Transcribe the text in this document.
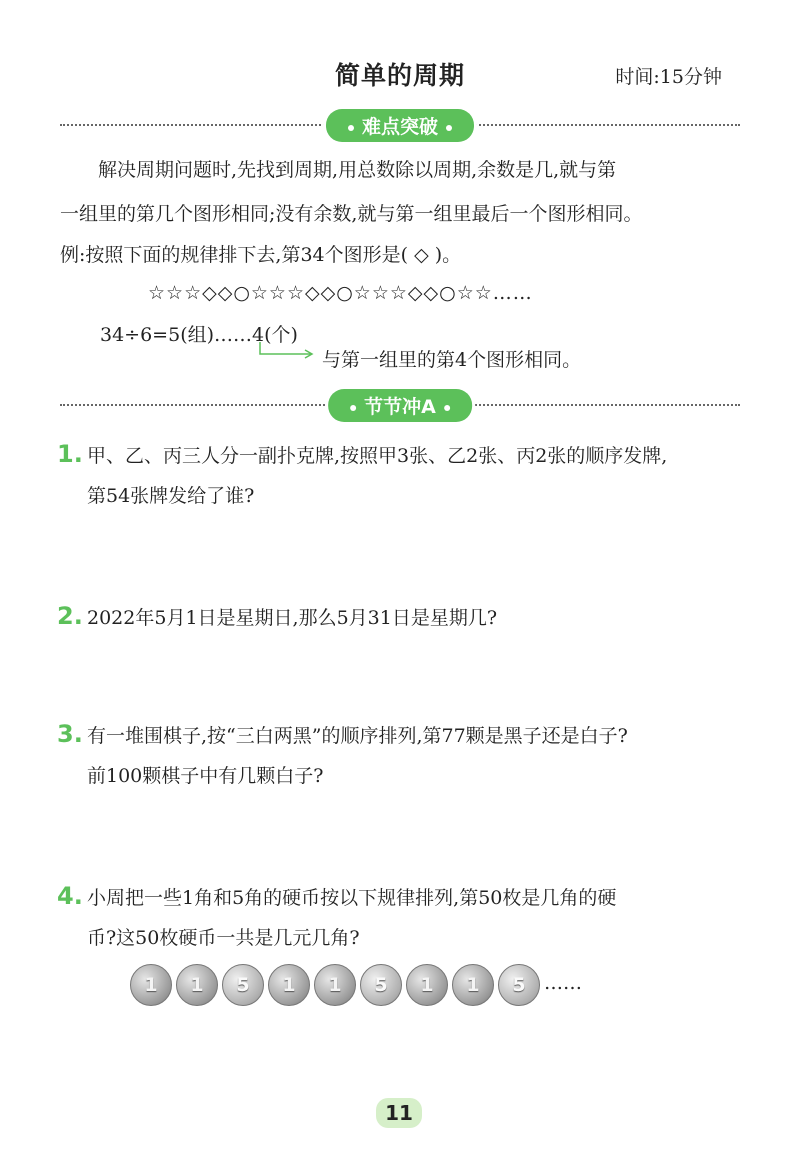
简单的周期	时间:15分钟
难点突破
解决周期问题时,先找到周期,用总数除以周期,余数是几,就与第
一组里的第几个图形相同;没有余数,就与第一组里最后一个图形相同。
例:按照下面的规律排下去,第34个图形是( ◇ )。
☆☆☆◇◇○☆☆☆◇◇○☆☆☆◇◇○☆☆……
34÷6=5(组)……4(个)
与第一组里的第4个图形相同。
节节冲A
1. 甲、乙、丙三人分一副扑克牌,按照甲3张、乙2张、丙2张的顺序发牌,
第54张牌发给了谁?
2. 2022年5月1日是星期日,那么5月31日是星期几?
3. 有一堆围棋子,按“三白两黑”的顺序排列,第77颗是黑子还是白子?
前100颗棋子中有几颗白子?
4. 小周把一些1角和5角的硬币按以下规律排列,第50枚是几角的硬
币?这50枚硬币一共是几元几角?
1	1	5	1	1	5	1	1	5 ……
11
